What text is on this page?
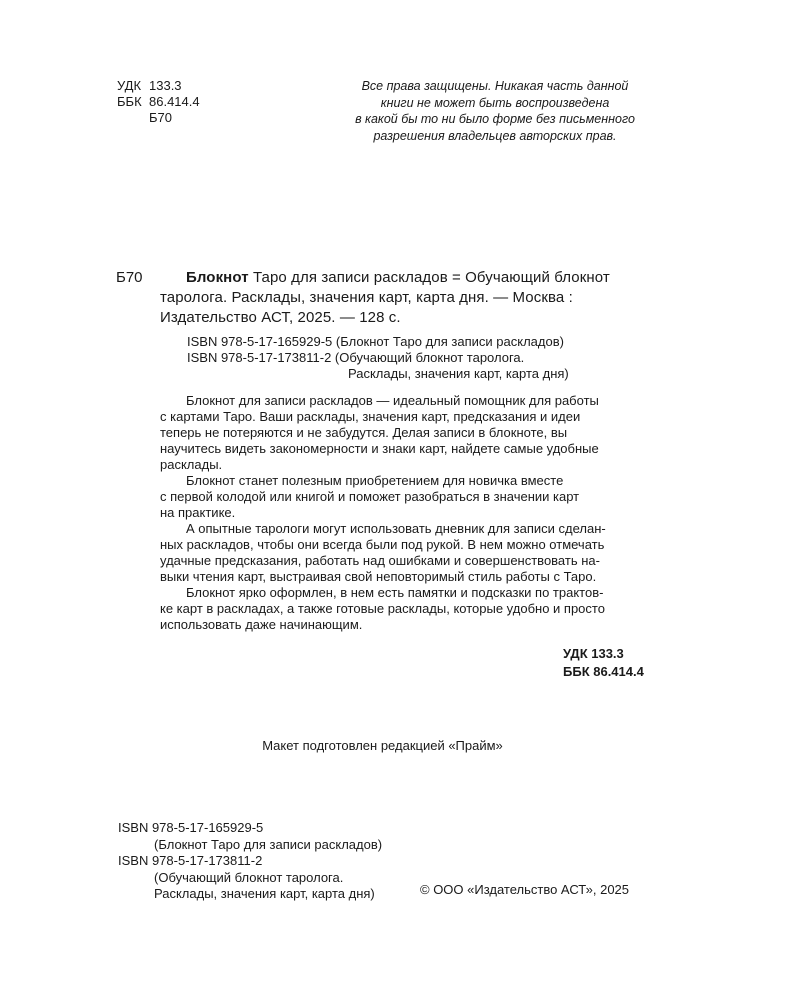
УДК 133.3
ББК 86.414.4
Б70
Все права защищены. Никакая часть данной
книги не может быть воспроизведена
в какой бы то ни было форме без письменного
разрешения владельцев авторских прав.
Б70	Блокнот Таро для записи раскладов = Обучающий блокнот
таролога. Расклады, значения карт, карта дня. — Москва :
Издательство АСТ, 2025. — 128 с.
ISBN 978-5-17-165929-5 (Блокнот Таро для записи раскладов)
ISBN 978-5-17-173811-2 (Обучающий блокнот таролога.
Расклады, значения карт, карта дня)
Блокнот для записи раскладов — идеальный помощник для работы
с картами Таро. Ваши расклады, значения карт, предсказания и идеи
теперь не потеряются и не забудутся. Делая записи в блокноте, вы
научитесь видеть закономерности и знаки карт, найдете самые удобные
расклады.
Блокнот станет полезным приобретением для новичка вместе
с первой колодой или книгой и поможет разобраться в значении карт
на практике.
А опытные тарологи могут использовать дневник для записи сделан-
ных раскладов, чтобы они всегда были под рукой. В нем можно отмечать
удачные предсказания, работать над ошибками и совершенствовать на-
выки чтения карт, выстраивая свой неповторимый стиль работы с Таро.
Блокнот ярко оформлен, в нем есть памятки и подсказки по трактов-
ке карт в раскладах, а также готовые расклады, которые удобно и просто
использовать даже начинающим.
УДК 133.3
ББК 86.414.4
Макет подготовлен редакцией «Прайм»
ISBN 978-5-17-165929-5
(Блокнот Таро для записи раскладов)
ISBN 978-5-17-173811-2
(Обучающий блокнот таролога.
Расклады, значения карт, карта дня)	© ООО «Издательство АСТ», 2025
